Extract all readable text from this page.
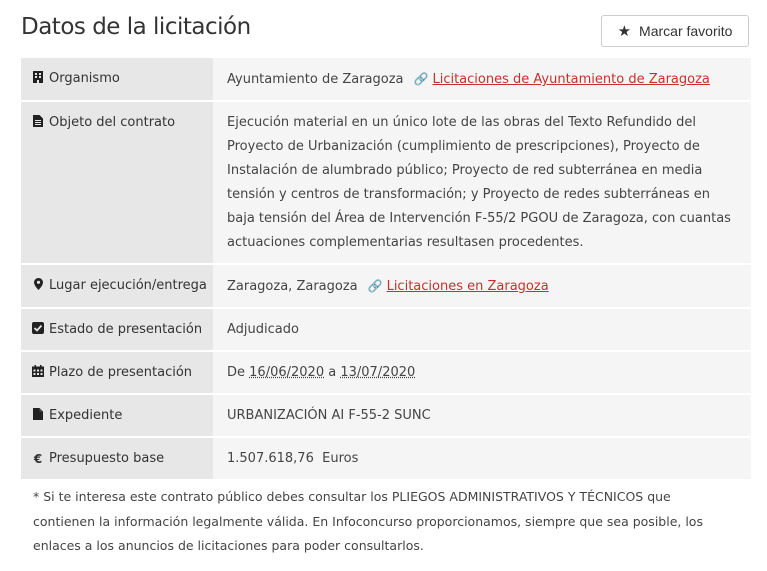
Datos de la licitación	★ Marcar favorito
Organismo	Ayuntamiento de Zaragoza 🔗 Licitaciones de Ayuntamiento de Zaragoza
Objeto del contrato	Ejecución material en un único lote de las obras del Texto Refundido del Proyecto de Urbanización (cumplimiento de prescripciones), Proyecto de Instalación de alumbrado público; Proyecto de red subterránea en media tensión y centros de transformación; y Proyecto de redes subterráneas en baja tensión del Área de Intervención F-55/2 PGOU de Zaragoza, con cuantas actuaciones complementarias resultasen procedentes.
Lugar ejecución/entrega	Zaragoza, Zaragoza 🔗 Licitaciones en Zaragoza
Estado de presentación	Adjudicado
Plazo de presentación	De 16/06/2020 a 13/07/2020
Expediente	URBANIZACIÓN AI F-55-2 SUNC
€ Presupuesto base	1.507.618,76 Euros

* Si te interesa este contrato público debes consultar los PLIEGOS ADMINISTRATIVOS Y TÉCNICOS que contienen la información legalmente válida. En Infoconcurso proporcionamos, siempre que sea posible, los enlaces a los anuncios de licitaciones para poder consultarlos.
